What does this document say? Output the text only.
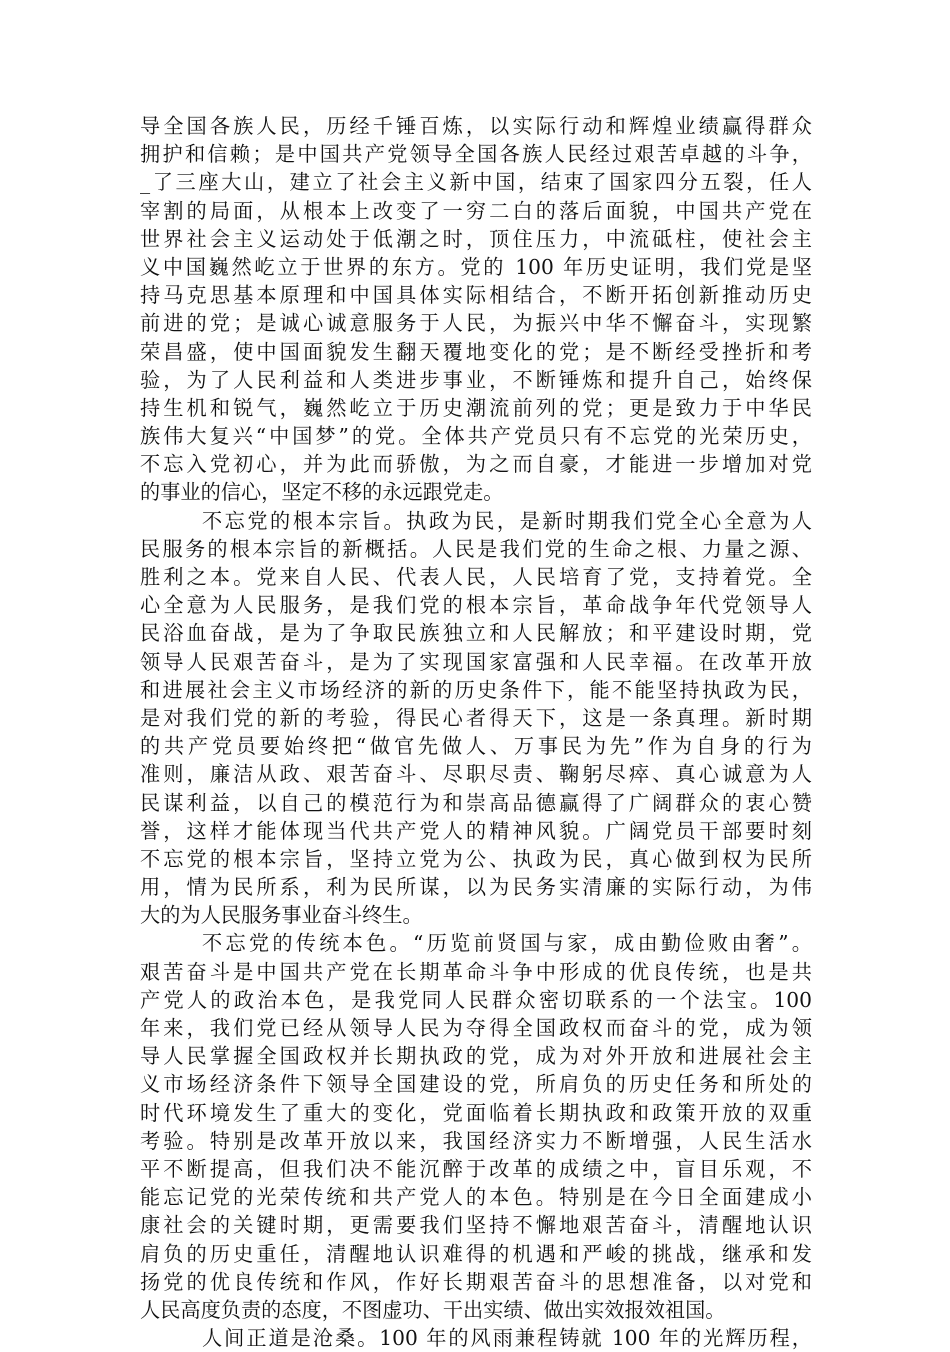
导全国各族人民，历经千锤百炼，以实际行动和辉煌业绩赢得群众
拥护和信赖；是中国共产党领导全国各族人民经过艰苦卓越的斗争，
_了三座大山，建立了社会主义新中国，结束了国家四分五裂，任人
宰割的局面，从根本上改变了一穷二白的落后面貌，中国共产党在
世界社会主义运动处于低潮之时，顶住压力，中流砥柱，使社会主
义中国巍然屹立于世界的东方。党的 100 年历史证明，我们党是坚
持马克思基本原理和中国具体实际相结合，不断开拓创新推动历史
前进的党；是诚心诚意服务于人民，为振兴中华不懈奋斗，实现繁
荣昌盛，使中国面貌发生翻天覆地变化的党；是不断经受挫折和考
验，为了人民利益和人类进步事业，不断锤炼和提升自己，始终保
持生机和锐气，巍然屹立于历史潮流前列的党；更是致力于中华民
族伟大复兴“中国梦”的党。全体共产党员只有不忘党的光荣历史，
不忘入党初心，并为此而骄傲，为之而自豪，才能进一步增加对党
的事业的信心，坚定不移的永远跟党走。
不忘党的根本宗旨。执政为民，是新时期我们党全心全意为人
民服务的根本宗旨的新概括。人民是我们党的生命之根、力量之源、
胜利之本。党来自人民、代表人民，人民培育了党，支持着党。全
心全意为人民服务，是我们党的根本宗旨，革命战争年代党领导人
民浴血奋战，是为了争取民族独立和人民解放；和平建设时期，党
领导人民艰苦奋斗，是为了实现国家富强和人民幸福。在改革开放
和进展社会主义市场经济的新的历史条件下，能不能坚持执政为民，
是对我们党的新的考验，得民心者得天下，这是一条真理。新时期
的共产党员要始终把“做官先做人、万事民为先”作为自身的行为
准则，廉洁从政、艰苦奋斗、尽职尽责、鞠躬尽瘁、真心诚意为人
民谋利益，以自己的模范行为和崇高品德赢得了广阔群众的衷心赞
誉，这样才能体现当代共产党人的精神风貌。广阔党员干部要时刻
不忘党的根本宗旨，坚持立党为公、执政为民，真心做到权为民所
用，情为民所系，利为民所谋，以为民务实清廉的实际行动，为伟
大的为人民服务事业奋斗终生。
不忘党的传统本色。“历览前贤国与家，成由勤俭败由奢”。
艰苦奋斗是中国共产党在长期革命斗争中形成的优良传统，也是共
产党人的政治本色，是我党同人民群众密切联系的一个法宝。100
年来，我们党已经从领导人民为夺得全国政权而奋斗的党，成为领
导人民掌握全国政权并长期执政的党，成为对外开放和进展社会主
义市场经济条件下领导全国建设的党，所肩负的历史任务和所处的
时代环境发生了重大的变化，党面临着长期执政和政策开放的双重
考验。特别是改革开放以来，我国经济实力不断增强，人民生活水
平不断提高，但我们决不能沉醉于改革的成绩之中，盲目乐观，不
能忘记党的光荣传统和共产党人的本色。特别是在今日全面建成小
康社会的关键时期，更需要我们坚持不懈地艰苦奋斗，清醒地认识
肩负的历史重任，清醒地认识难得的机遇和严峻的挑战，继承和发
扬党的优良传统和作风，作好长期艰苦奋斗的思想准备，以对党和
人民高度负责的态度，不图虚功、干出实绩、做出实效报效祖国。
人间正道是沧桑。100 年的风雨兼程铸就 100 年的光辉历程，
